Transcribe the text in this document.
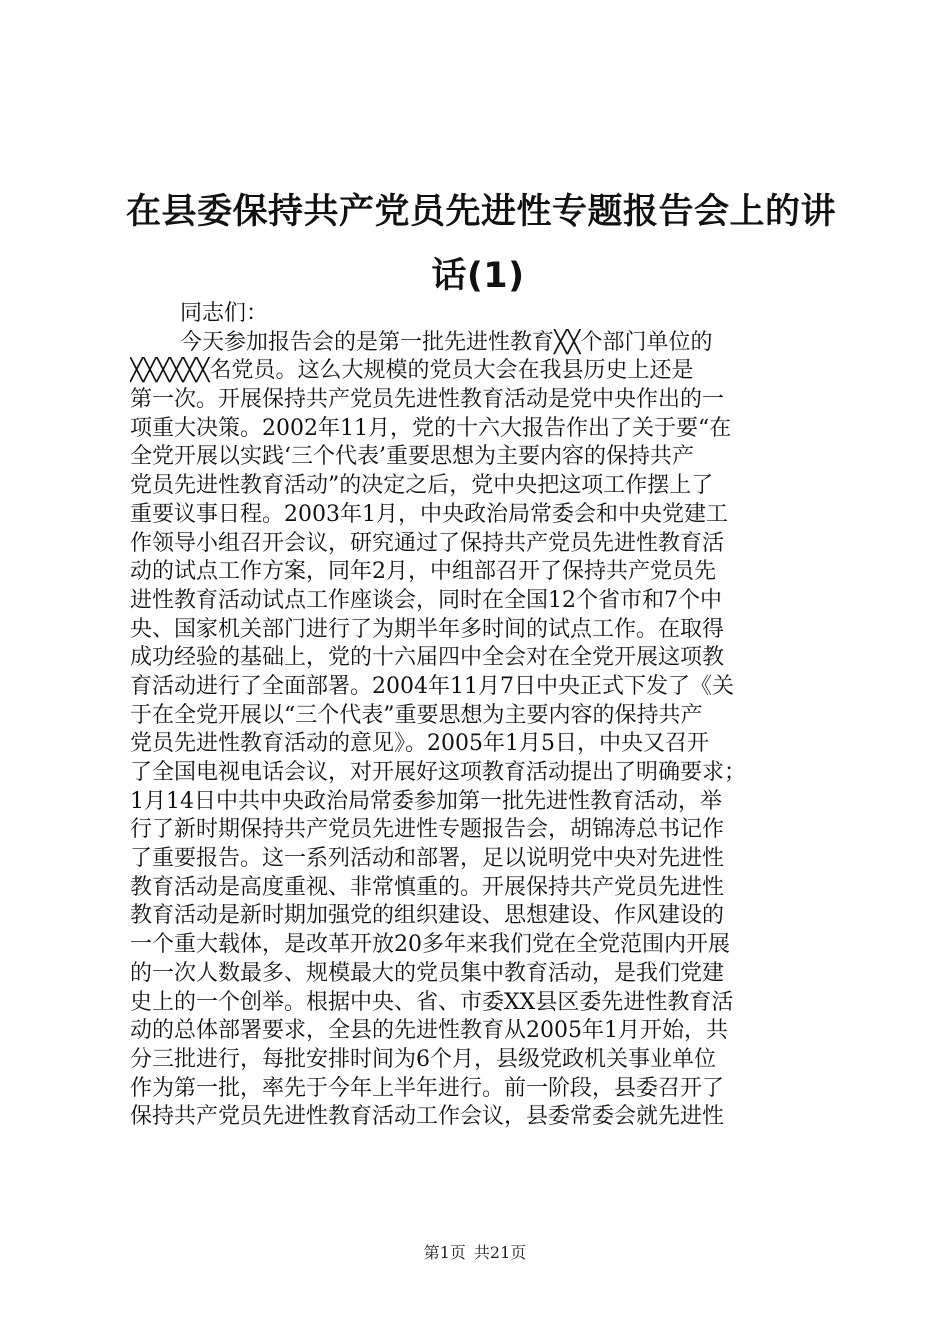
在县委保持共产党员先进性专题报告会上的讲
话(1)
同志们：
今天参加报告会的是第一批先进性教育╳╳个部门单位的
╳╳╳╳╳╳名党员。这么大规模的党员大会在我县历史上还是
第一次。开展保持共产党员先进性教育活动是党中央作出的一
项重大决策。2002年11月，党的十六大报告作出了关于要“在
全党开展以实践‘三个代表’重要思想为主要内容的保持共产
党员先进性教育活动”的决定之后，党中央把这项工作摆上了
重要议事日程。2003年1月，中央政治局常委会和中央党建工
作领导小组召开会议，研究通过了保持共产党员先进性教育活
动的试点工作方案，同年2月，中组部召开了保持共产党员先
进性教育活动试点工作座谈会，同时在全国12个省市和7个中
央、国家机关部门进行了为期半年多时间的试点工作。在取得
成功经验的基础上，党的十六届四中全会对在全党开展这项教
育活动进行了全面部署。2004年11月7日中央正式下发了《关
于在全党开展以“三个代表”重要思想为主要内容的保持共产
党员先进性教育活动的意见》。2005年1月5日，中央又召开
了全国电视电话会议，对开展好这项教育活动提出了明确要求；
1月14日中共中央政治局常委参加第一批先进性教育活动，举
行了新时期保持共产党员先进性专题报告会，胡锦涛总书记作
了重要报告。这一系列活动和部署，足以说明党中央对先进性
教育活动是高度重视、非常慎重的。开展保持共产党员先进性
教育活动是新时期加强党的组织建设、思想建设、作风建设的
一个重大载体，是改革开放20多年来我们党在全党范围内开展
的一次人数最多、规模最大的党员集中教育活动，是我们党建
史上的一个创举。根据中央、省、市委XX县区委先进性教育活
动的总体部署要求，全县的先进性教育从2005年1月开始，共
分三批进行，每批安排时间为6个月，县级党政机关事业单位
作为第一批，率先于今年上半年进行。前一阶段，县委召开了
保持共产党员先进性教育活动工作会议，县委常委会就先进性
第1页 共21页
